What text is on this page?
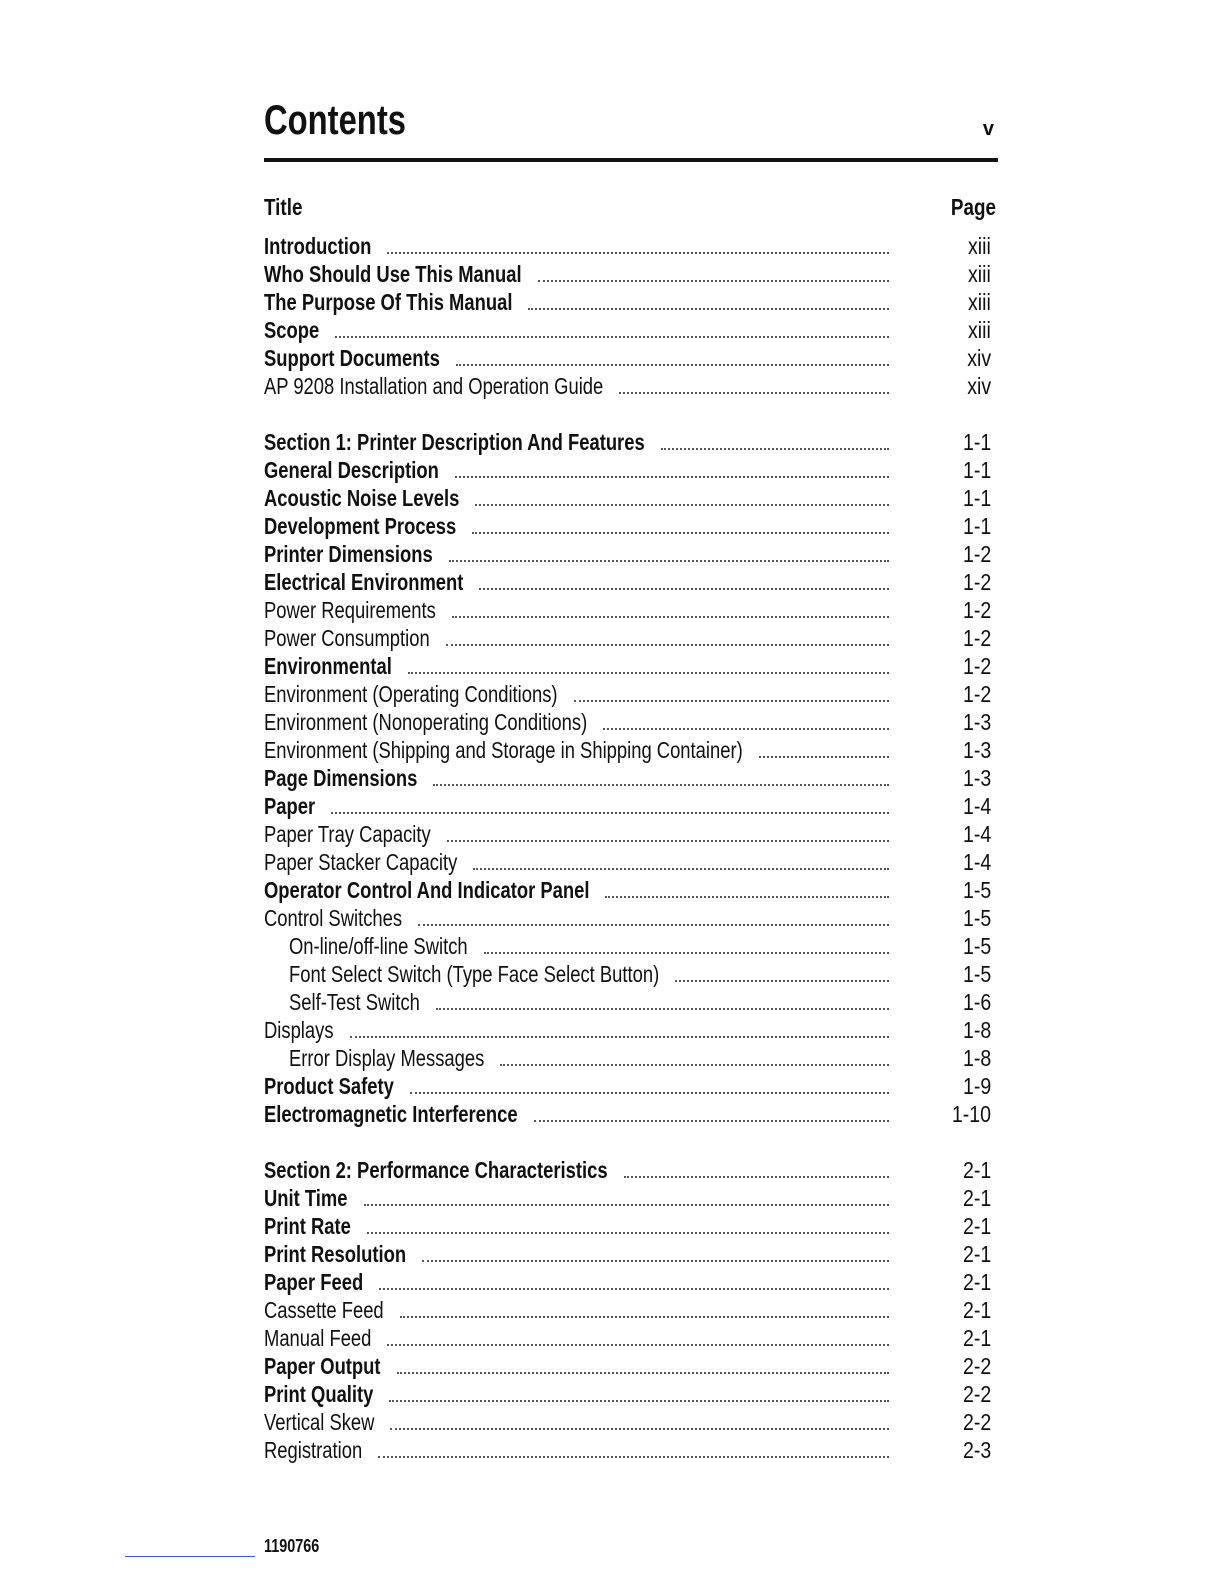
Contents	v
Title	Page
Introduction	xiii
Who Should Use This Manual	xiii
The Purpose Of This Manual	xiii
Scope	xiii
Support Documents	xiv
AP 9208 Installation and Operation Guide	xiv
Section 1: Printer Description And Features	1-1
General Description	1-1
Acoustic Noise Levels	1-1
Development Process	1-1
Printer Dimensions	1-2
Electrical Environment	1-2
Power Requirements	1-2
Power Consumption	1-2
Environmental	1-2
Environment (Operating Conditions)	1-2
Environment (Nonoperating Conditions)	1-3
Environment (Shipping and Storage in Shipping Container)	1-3
Page Dimensions	1-3
Paper	1-4
Paper Tray Capacity	1-4
Paper Stacker Capacity	1-4
Operator Control And Indicator Panel	1-5
Control Switches	1-5
On-line/off-line Switch	1-5
Font Select Switch (Type Face Select Button)	1-5
Self-Test Switch	1-6
Displays	1-8
Error Display Messages	1-8
Product Safety	1-9
Electromagnetic Interference	1-10
Section 2: Performance Characteristics	2-1
Unit Time	2-1
Print Rate	2-1
Print Resolution	2-1
Paper Feed	2-1
Cassette Feed	2-1
Manual Feed	2-1
Paper Output	2-2
Print Quality	2-2
Vertical Skew	2-2
Registration	2-3
1190766
